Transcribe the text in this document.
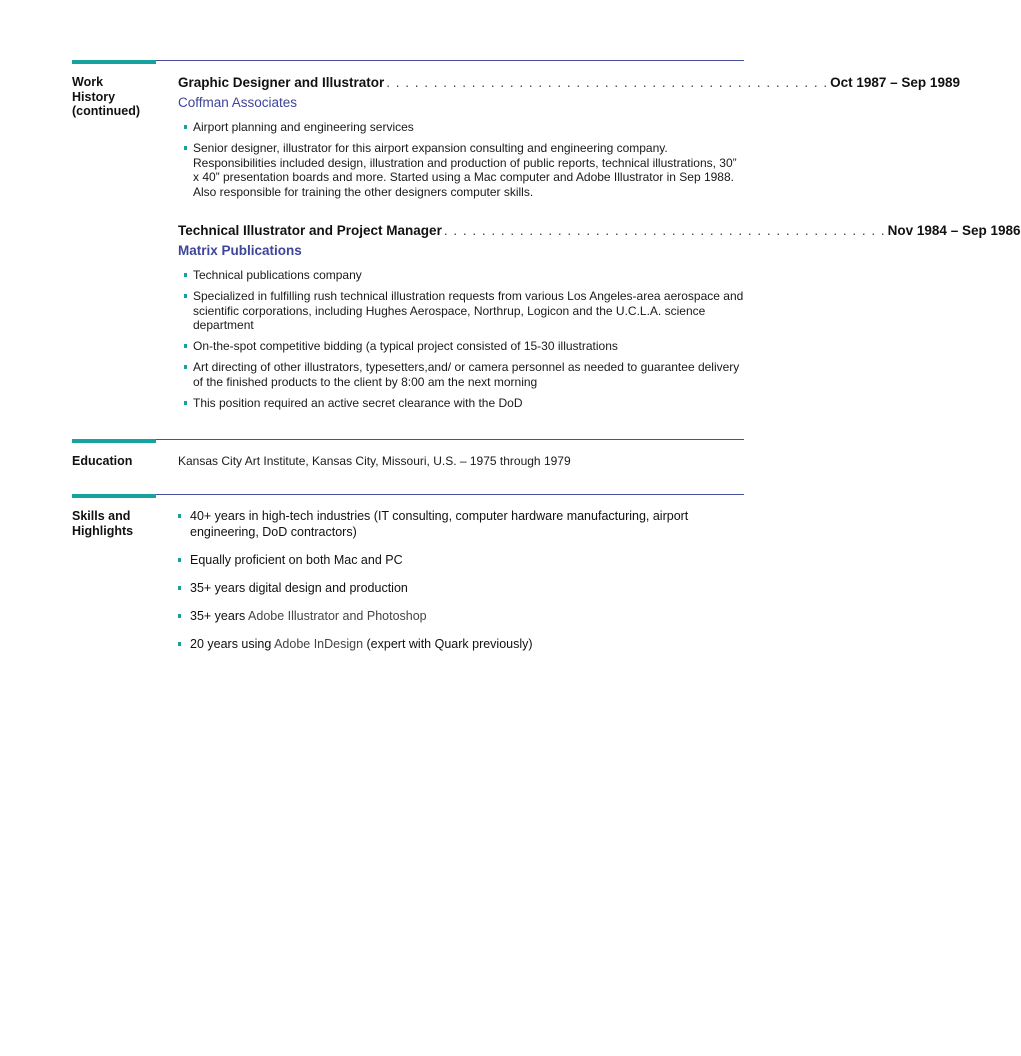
Work
History
(continued)
Graphic Designer and Illustrator . . . . . . . . . . . . . . . . . . . . . . . . . . . . . . . . . . . . . . . . . . . . . . . Oct 1987 – Sep 1989
Coffman Associates
Airport planning and engineering services
Senior designer, illustrator for this airport expansion consulting and engineering company. Responsibilities included design, illustration and production of public reports, technical illustrations, 30” x 40” presentation boards and more. Started using a Mac computer and Adobe Illustrator in Sep 1988. Also responsible for training the other designers computer skills.
Technical Illustrator and Project Manager . . . . . . . . . . . . . . . . . . . . . . . . . . . . . . . . . . . . . . . . . . . . . . . Nov 1984 – Sep 1986
Matrix Publications
Technical publications company
Specialized in fulfilling rush technical illustration requests from various Los Angeles-area aerospace and scientific corporations, including Hughes Aerospace, Northrup, Logicon and the U.C.L.A. science department
On-the-spot competitive bidding (a typical project consisted of 15-30 illustrations
Art directing of other illustrators, typesetters,and/ or camera personnel as needed to guarantee delivery of the finished products to the client by 8:00 am the next morning
This position required an active secret clearance with the DoD
Education	Kansas City Art Institute, Kansas City, Missouri, U.S. – 1975 through 1979
Skills and
Highlights
40+ years in high-tech industries (IT consulting, computer hardware manufacturing, airport engineering, DoD contractors)
Equally proficient on both Mac and PC
35+ years digital design and production
35+ years Adobe Illustrator and Photoshop
20 years using Adobe InDesign (expert with Quark previously)
